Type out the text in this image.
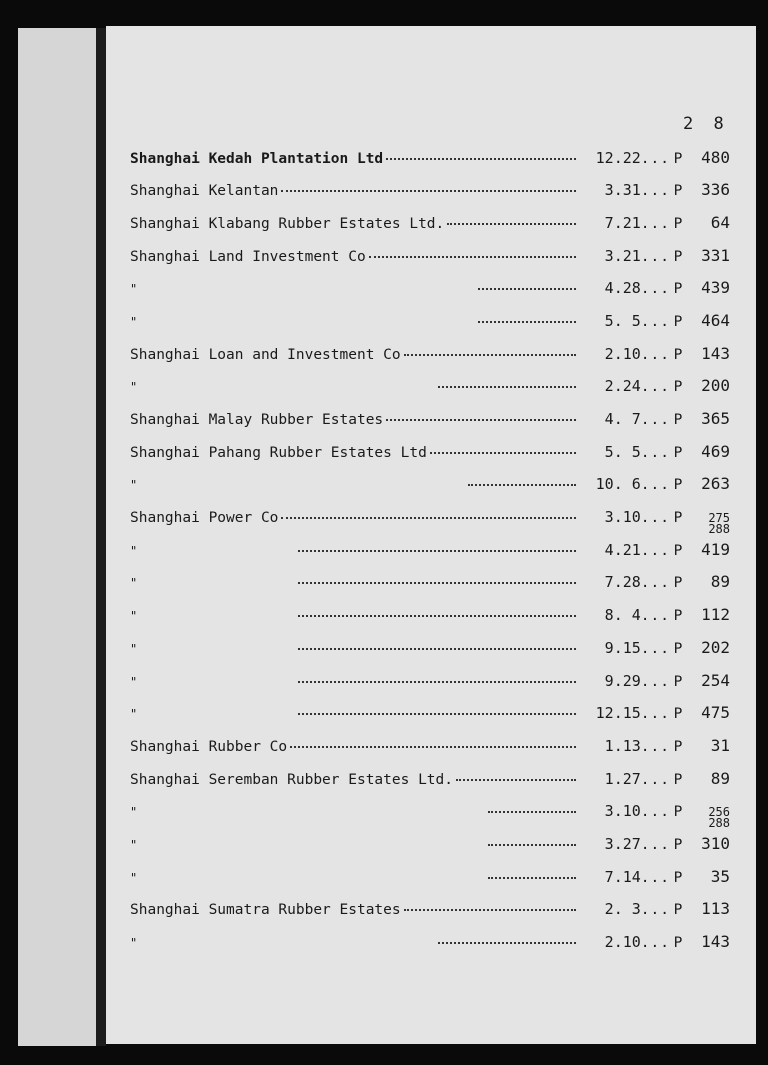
2 8

Shanghai Kedah Plantation Ltd	12.22 ... P	480
Shanghai Kelantan	3.31 ... P	336
Shanghai Klabang Rubber Estates Ltd.	7.21 ... P	64
Shanghai Land Investment Co	3.21 ... P	331
"	4.28 ... P	439
"	5. 5 ... P	464
Shanghai Loan and Investment Co	2.10 ... P	143
"	2.24 ... P	200
Shanghai Malay Rubber Estates	4. 7 ... P	365
Shanghai Pahang Rubber Estates Ltd	5. 5 ... P	469
"	10. 6 ... P	263
Shanghai Power Co	3.10 ... P	275 288
"	4.21 ... P	419
"	7.28 ... P	89
"	8. 4 ... P	112
"	9.15 ... P	202
"	9.29 ... P	254
"	12.15 ... P	475
Shanghai Rubber Co	1.13 ... P	31
Shanghai Seremban Rubber Estates Ltd.	1.27 ... P	89
"	3.10 ... P	256 288
"	3.27 ... P	310
"	7.14 ... P	35
Shanghai Sumatra Rubber Estates	2. 3 ... P	113
"	2.10 ... P	143
